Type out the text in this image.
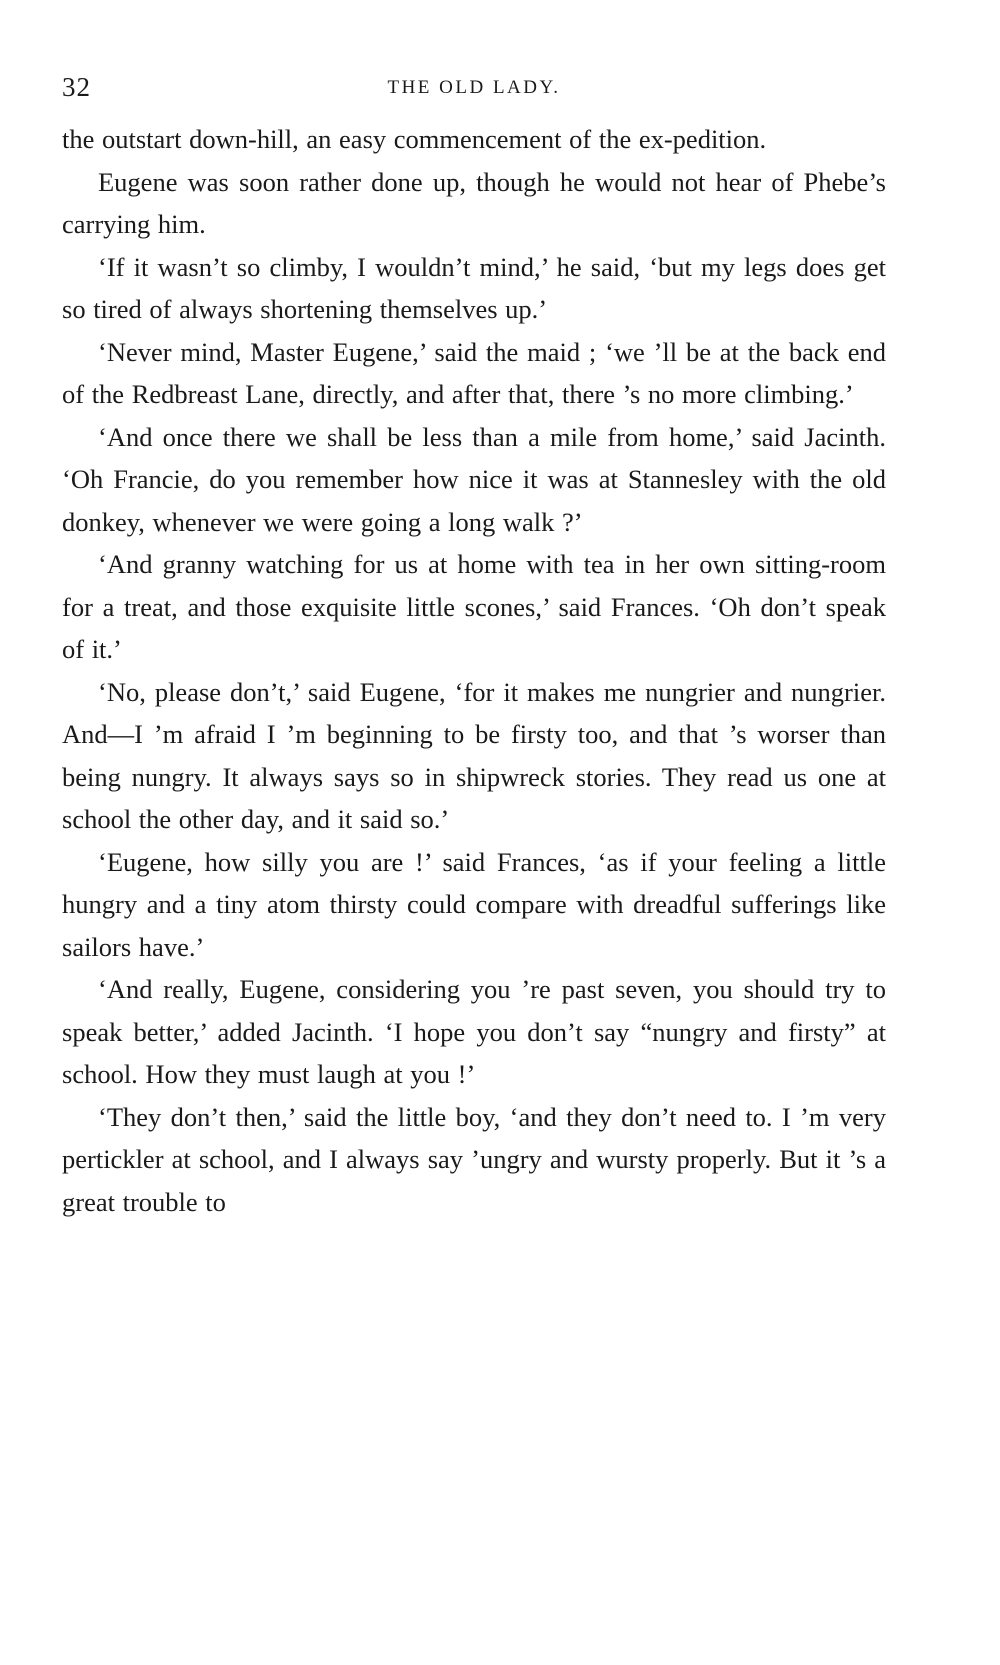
32	THE OLD LADY.

the outstart down-hill, an easy commencement of the ex-pedition.

Eugene was soon rather done up, though he would not hear of Phebe’s carrying him.

‘If it wasn’t so climby, I wouldn’t mind,’ he said, ‘but my legs does get so tired of always shortening themselves up.’

‘Never mind, Master Eugene,’ said the maid ; ‘we ’ll be at the back end of the Redbreast Lane, directly, and after that, there ’s no more climbing.’

‘And once there we shall be less than a mile from home,’ said Jacinth. ‘Oh Francie, do you remember how nice it was at Stannesley with the old donkey, whenever we were going a long walk ?’

‘And granny watching for us at home with tea in her own sitting-room for a treat, and those exquisite little scones,’ said Frances. ‘Oh don’t speak of it.’

‘No, please don’t,’ said Eugene, ‘for it makes me nungrier and nungrier. And—I ’m afraid I ’m beginning to be firsty too, and that ’s worser than being nungry. It always says so in shipwreck stories. They read us one at school the other day, and it said so.’

‘Eugene, how silly you are !’ said Frances, ‘as if your feeling a little hungry and a tiny atom thirsty could compare with dreadful sufferings like sailors have.’

‘And really, Eugene, considering you ’re past seven, you should try to speak better,’ added Jacinth. ‘I hope you don’t say “nungry and firsty” at school. How they must laugh at you !’

‘They don’t then,’ said the little boy, ‘and they don’t need to. I ’m very pertickler at school, and I always say ’ungry and wursty properly. But it ’s a great trouble to
